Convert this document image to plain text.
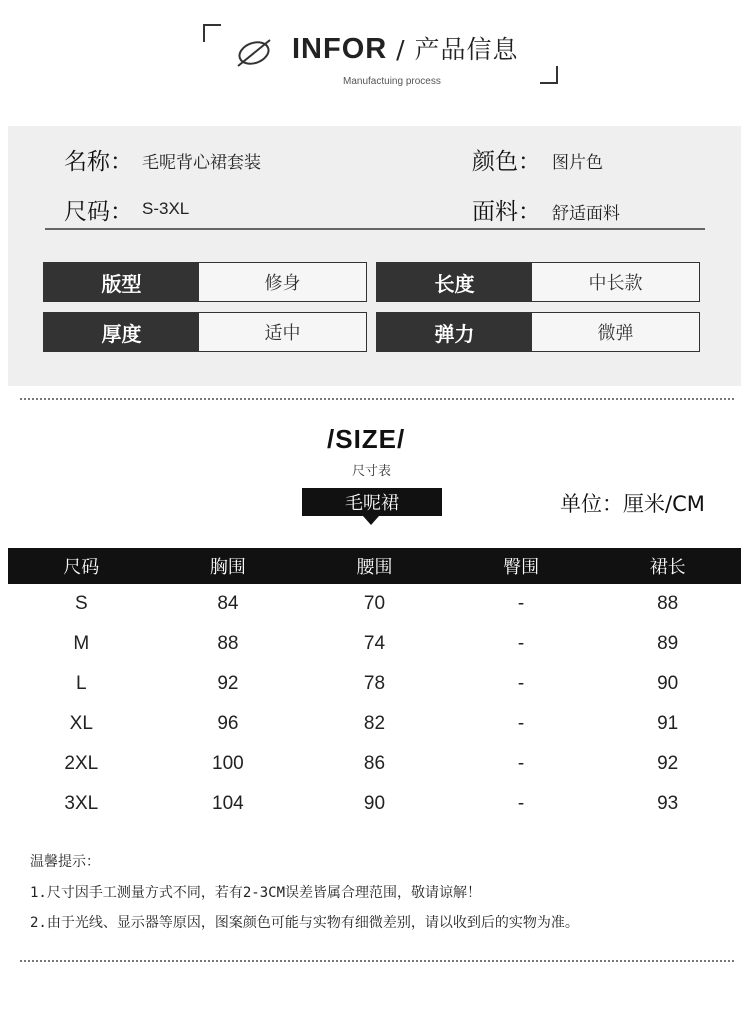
INFOR / 产品信息
Manufactuing process
名称： 毛呢背心裙套装	颜色： 图片色
尺码： S-3XL	面料： 舒适面料
版型	修身	长度	中长款
厚度	适中	弹力	微弹
/SIZE/
尺寸表
毛呢裙	单位：厘米/CM
尺码	胸围	腰围	臀围	裙长
S	84	70	-	88
M	88	74	-	89
L	92	78	-	90
XL	96	82	-	91
2XL	100	86	-	92
3XL	104	90	-	93
温馨提示：
1.尺寸因手工测量方式不同，若有2-3CM误差皆属合理范围，敬请谅解！
2.由于光线、显示器等原因，图案颜色可能与实物有细微差别，请以收到后的实物为准。
